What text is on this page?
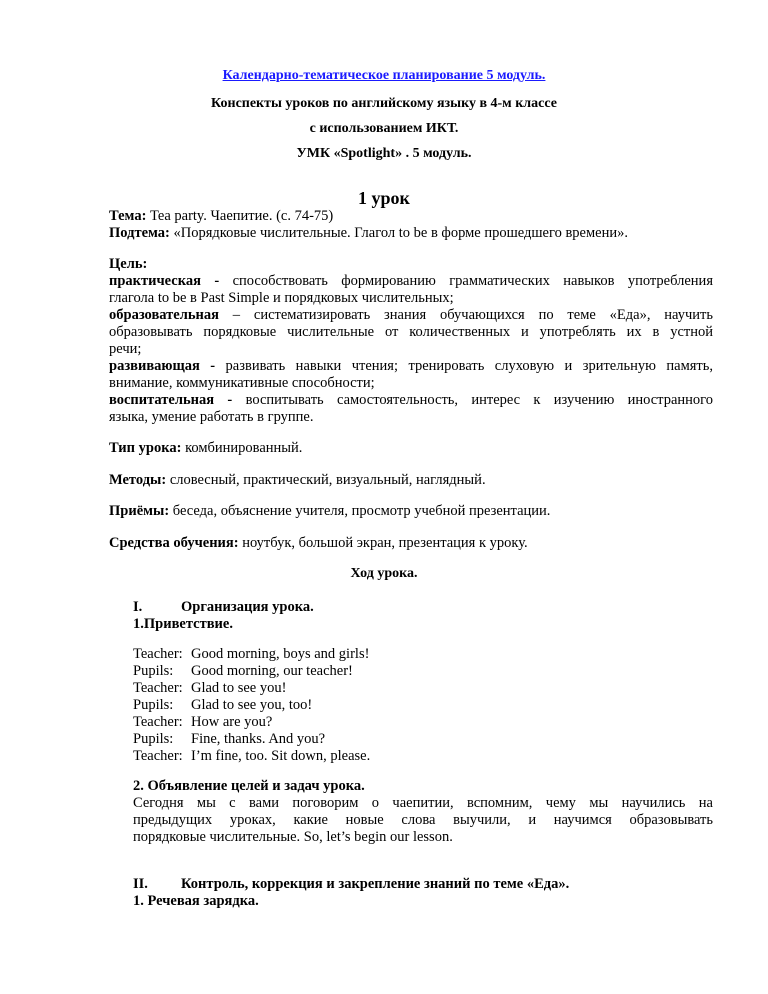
Календарно-тематическое планирование 5 модуль.
Конспекты уроков по английскому языку в 4-м классе
с использованием ИКТ.
УМК «Spotlight» . 5 модуль.
1 урок
Тема: Tea party. Чаепитие. (с. 74-75)
Подтема: «Порядковые числительные. Глагол to be в форме прошедшего времени».
Цель:
практическая - способствовать формированию грамматических навыков употребления
глагола to be в Past Simple и порядковых числительных;
образовательная – систематизировать знания обучающихся по теме «Еда», научить
образовывать порядковые числительные от количественных и употреблять их в устной
речи;
развивающая - развивать навыки чтения; тренировать слуховую и зрительную память,
внимание, коммуникативные способности;
воспитательная - воспитывать самостоятельность, интерес к изучению иностранного
языка, умение работать в группе.
Тип урока: комбинированный.
Методы: словесный, практический, визуальный, наглядный.
Приёмы: беседа, объяснение учителя, просмотр учебной презентации.
Средства обучения: ноутбук, большой экран, презентация к уроку.
Ход урока.
I.	Организация урока.
1.Приветствие.
Teacher: Good morning, boys and girls!
Pupils: Good morning, our teacher!
Teacher: Glad to see you!
Pupils: Glad to see you, too!
Teacher: How are you?
Pupils: Fine, thanks. And you?
Teacher: I’m fine, too. Sit down, please.
2. Объявление целей и задач урока.
Сегодня мы с вами поговорим о чаепитии, вспомним, чему мы научились на
предыдущих уроках, какие новые слова выучили, и научимся образовывать
порядковые числительные. So, let’s begin our lesson.
II. Контроль, коррекция и закрепление знаний по теме «Еда».
1. Речевая зарядка.
